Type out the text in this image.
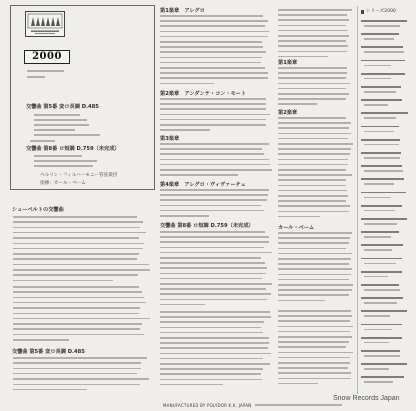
2000
交響曲 第5番 変ロ長調 D.485
交響曲 第8番 ロ短調 D.759（未完成）
ベルリン・フィルハーモニー管弦楽団
指揮：カール・ベーム
シューベルトの交響曲
交響曲 第5番 変ロ長調 D.485
第1楽章　アレグロ
第2楽章　アンダンテ・コン・モート
第3楽章
第4楽章　アレグロ・ヴィヴァーチェ
交響曲 第8番 ロ短調 D.759（未完成）
第1楽章
第2楽章
カール・ベーム
シリーズ2000
MANUFACTURED BY POLYDOR K.K. JAPAN
Snow Records Japan
